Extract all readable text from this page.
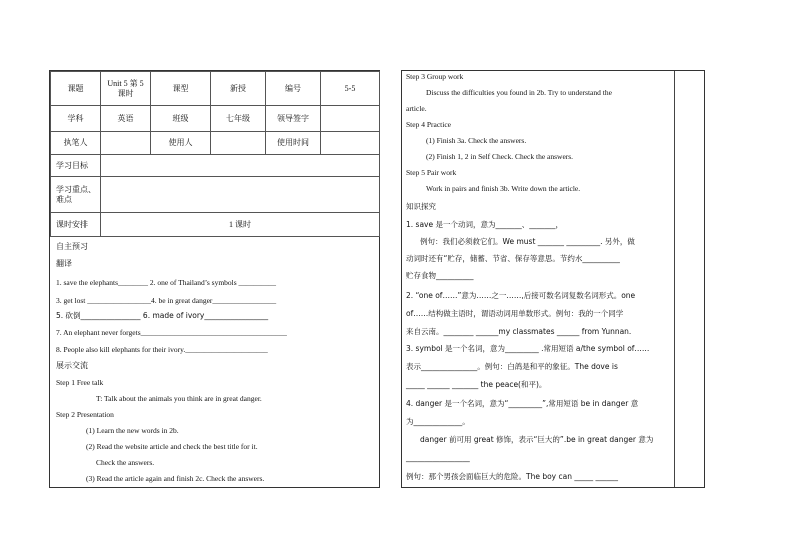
课题	Unit 5 第 5 课时	课型	新授	编号	5-5
学科	英语	班级	七年级	领导签字	
执笔人		使用人		使用时间	
学习目标					
学习重点、难点					
课时安排	1 课时				
自主预习
翻译
1. save the elephants________ 2. one of Thailand’s symbols __________
3. get lost _________________4. be in great danger_________________
5. 砍倒________________ 6. made of ivory_________________
7. An elephant never forgets_______________________________________
8. People also kill elephants for their ivory.______________________
展示交流
Step 1 Free talk
T: Talk about the animals you think are in great danger.
Step 2 Presentation
(1) Learn the new words in 2b.
(2) Read the website article and check the best title for it.
Check the answers.
(3) Read the article again and finish 2c. Check the answers.
Step 3 Group work
Discuss the difficulties you found in 2b. Try to understand the
article.
Step 4 Practice
(1) Finish 3a. Check the answers.
(2) Finish 1, 2 in Self Check. Check the answers.
Step 5 Pair work
Work in pairs and finish 3b. Write down the article.
知识探究
1. save 是一个动词，意为_______、_______，
例句：我们必须救它们。We must _______ _________. 另外，做
动词时还有“贮存，储蓄、节省、保存等意思。节约水__________
贮存食物__________
2. “one of……”意为……之一……,后接可数名词复数名词形式。one
of……结构做主语时，谓语动词用单数形式。例句：我的一个同学
来自云南。________ ______my classmates ______ from Yunnan.
3. symbol 是一个名词，意为_________ .常用短语 a/the symbol of……
表示_______________。例句：白鸽是和平的象征。The dove is
_____ ______ _______ the peace(和平)。
4. danger 是一个名词，意为“_________”,常用短语 be in danger 意
为_____________。
danger 前可用 great 修饰，表示“巨大的”.be in great danger 意为
_________________
例句：那个男孩会面临巨大的危险。The boy can _____ ______
